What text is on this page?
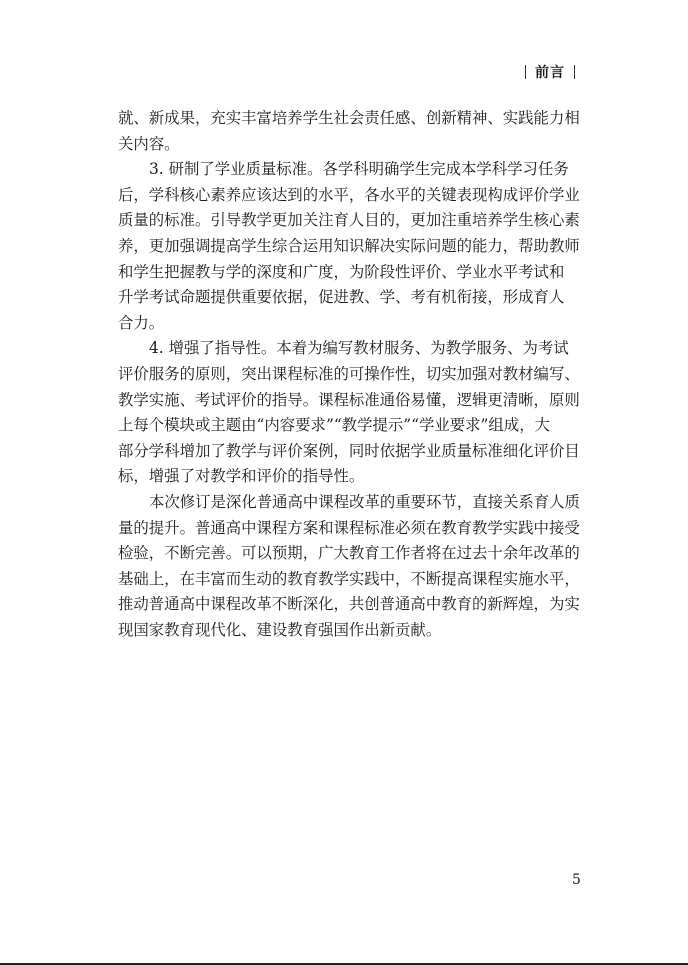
前言

就、新成果，充实丰富培养学生社会责任感、创新精神、实践能力相

关内容。

3. 研制了学业质量标准。各学科明确学生完成本学科学习任务

后，学科核心素养应该达到的水平，各水平的关键表现构成评价学业

质量的标准。引导教学更加关注育人目的，更加注重培养学生核心素

养，更加强调提高学生综合运用知识解决实际问题的能力，帮助教师

和学生把握教与学的深度和广度，为阶段性评价、学业水平考试和

升学考试命题提供重要依据，促进教、学、考有机衔接，形成育人

合力。

4. 增强了指导性。本着为编写教材服务、为教学服务、为考试

评价服务的原则，突出课程标准的可操作性，切实加强对教材编写、

教学实施、考试评价的指导。课程标准通俗易懂，逻辑更清晰，原则

上每个模块或主题由“内容要求”“教学提示”“学业要求”组成，大

部分学科增加了教学与评价案例，同时依据学业质量标准细化评价目

标，增强了对教学和评价的指导性。

本次修订是深化普通高中课程改革的重要环节，直接关系育人质

量的提升。普通高中课程方案和课程标准必须在教育教学实践中接受

检验，不断完善。可以预期，广大教育工作者将在过去十余年改革的

基础上，在丰富而生动的教育教学实践中，不断提高课程实施水平，

推动普通高中课程改革不断深化，共创普通高中教育的新辉煌，为实

现国家教育现代化、建设教育强国作出新贡献。

5
